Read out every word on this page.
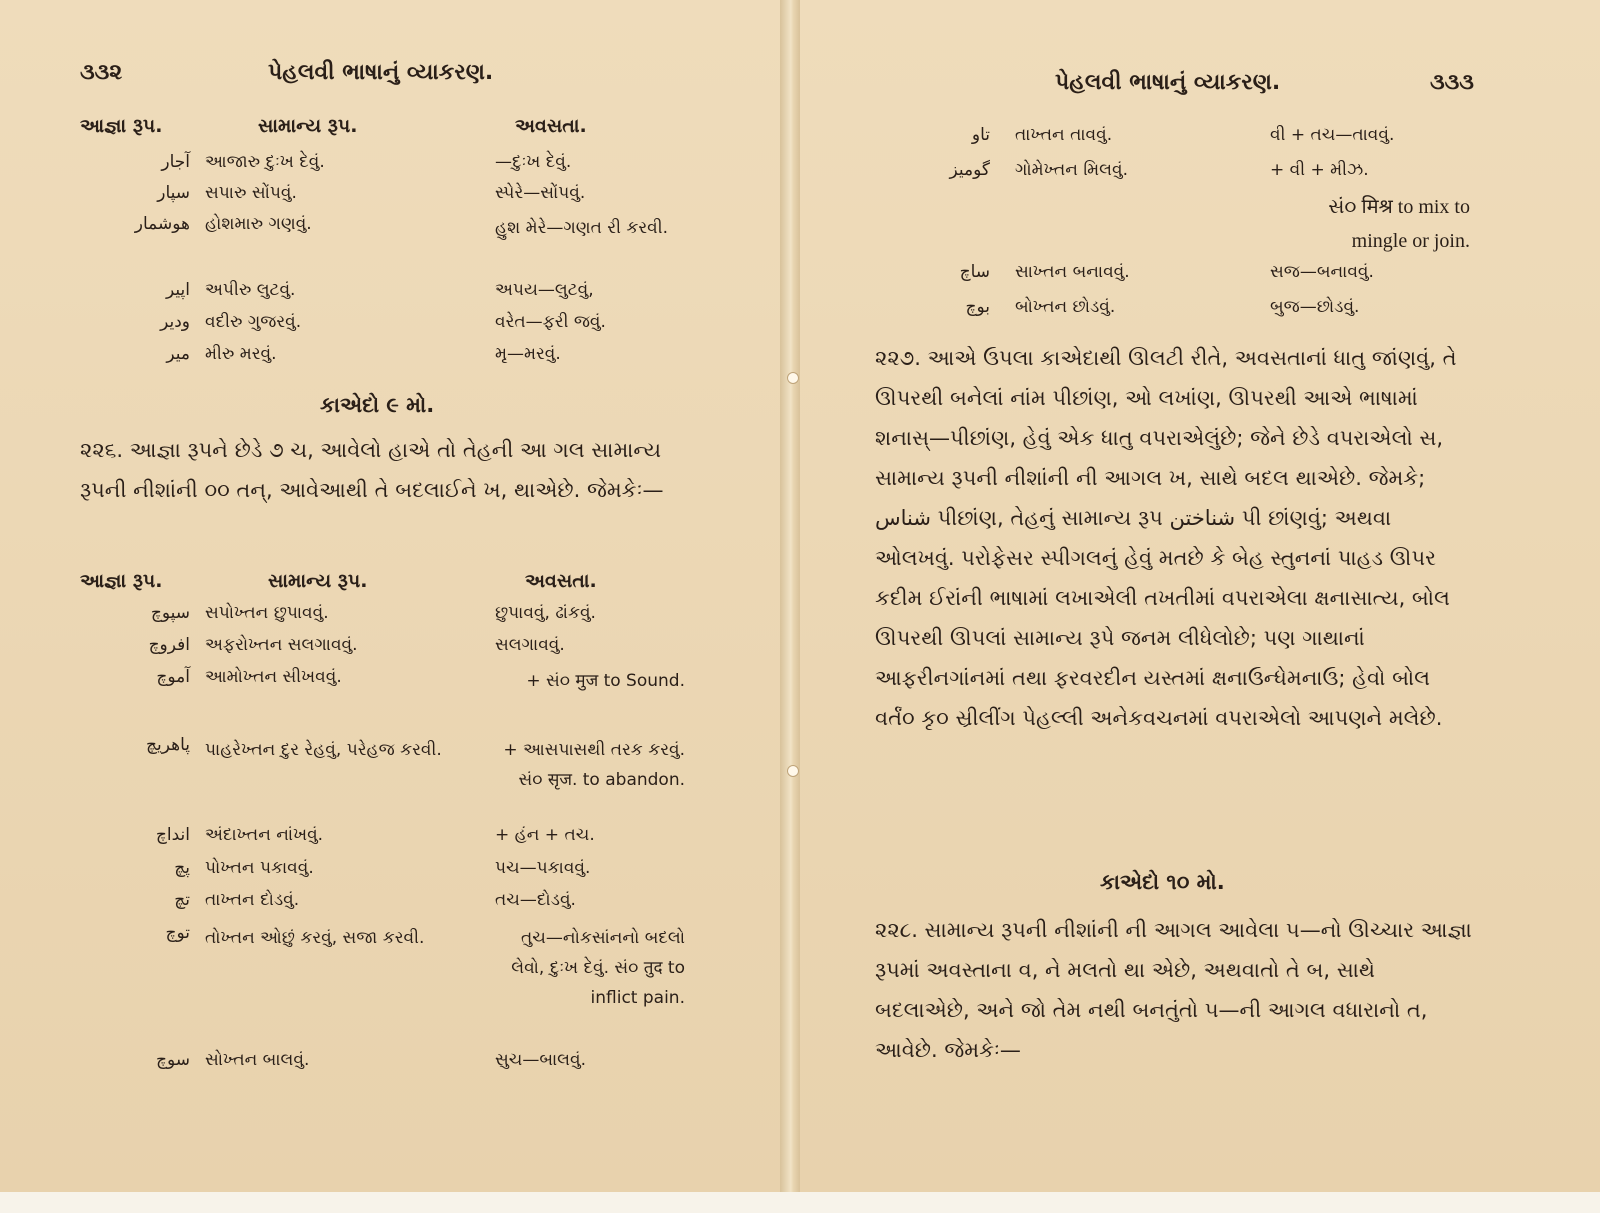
૩૩૨	પેહલવી ભાષાનું વ્યાકરણ.
આજ્ઞા રૂપ.	સામાન્ય રૂપ.	અવસતા.
آجار આજારુ દુઃખ દેવું.	—દુઃખ દેવું.
سپار સપારુ સોંપવું.	સ્પેરે—સોંપવું.
هوشمار હોશમારુ ગણવું.	હુશ મેરે—ગણત રી કરવી.
اپیر અપીરુ લુટવું.	અપય—લુટવું,
ودیر વદીરુ ગુજરવું.	વરેત—ફરી જવું.
میر મીરુ મરવું.	મૃ—મરવું.
કાએદો ૯ મો.
૨૨૬. આજ્ઞા રૂપને છેડે ૭ ચ, આવેલો હાએ તો તેહની આ ગલ સામાન્ય રૂપની નીશાંની ૦૦ તન્, આવેઆથી તે બદલાઈને ખ, થાએછે. જેમકેઃ—
આજ્ઞા રૂપ.	સામાન્ય રૂપ.	અવસતા.
سپوچ સપોખ્તન છુપાવવું.	છુપાવવું, ઢાંકવું.
افروچ અફરોખ્તન સલગાવવું.	સલગાવવું.
آموچ આમોખ્તન સીખવવું.	+ સં૦ मुज to Sound.
پاهریچ પાહરેખ્તન દુર રેહવું, પરેહજ કરવી.	+ આસપાસથી તરક કરવું. સં૦ सृज. to abandon.
انداچ અંદાખ્તન નાંખવું.	+ હંન + તચ.
پچ પોખ્તન પકાવવું.	પચ—પકાવવું.
تچ તાખ્તન દોડવું.	તચ—દોડવું.
توچ તોખ્તન ઓછું કરવું, સજા કરવી.	તુચ—નોકસાંનનો બદલો લેવો, દુઃખ દેવું. સં૦ तुद to inflict pain.
سوچ સોખ્તન બાલવું.	સુચ—બાલવું.
પેહલવી ભાષાનું વ્યાકરણ.	૩૩૩
تاو તાખ્તન તાવવું.	વી + તચ—તાવવું.
گومیز ગોમેખ્તન મિલવું.	+ વી + મીઝ.
સં૦ मिश्र to mix to mingle or join.
ساچ સાખ્તન બનાવવું.	સજ—બનાવવું.
بوچ બોખ્તન છોડવું.	બુજ—છોડવું.
૨૨૭. આએ ઉપલા કાએદાથી ઊલટી રીતે, અવસતાનાં ધાતુ જાંણવું, તે ઊપરથી બનેલાં નાંમ પીછાંણ, ઓ લખાંણ, ઊપરથી આએ ભાષામાં શનાસ્—પીછાંણ, હેવું એક ધાતુ વપરાએલુંછે; જેને છેડે વપરાએલો સ, સામાન્ય રૂપની નીશાંની ની આગલ ખ, સાથે બદલ થાએછે. જેમકે; شناس પીછાંણ, તેહનું સામાન્ય રૂપ شناختن પી છાંણવું; અથવા ઓલખવું. પરોફેસર સ્પીગલનું હેવું મતછે કે બેહ સ્તુનનાં પાહડ ઊપર કદીમ ઈરાંની ભાષામાં લખાએલી તખતીમાં વપરાએલા ક્ષનાસાત્ય, બોલ ઊપરથી ઊપલાં સામાન્ય રૂપે જનમ લીધેલોછે; પણ ગાથાનાં આફરીનગાંનમાં તથા ફરવરદીન યસ્તમાં ક્ષનાઉન્ધેમનાઉ; હેવો બોલ વર્તં૦ કૃ૦ સ્રીલીંગ પેહલ્લી અનેકવચનમાં વપરાએલો આપણને મલેછે.
કાએદો ૧૦ મો.
૨૨૮. સામાન્ય રૂપની નીશાંની ની આગલ આવેલા ૫—નો ઊચ્ચાર આજ્ઞા રૂપમાં અવસ્તાના વ, ને મલતો થા એછે, અથવાતો તે બ, સાથે બદલાએછે, અને જો તેમ નથી બનતુંતો ૫—ની આગલ વધારાનો ત, આવેછે. જેમકેઃ—
